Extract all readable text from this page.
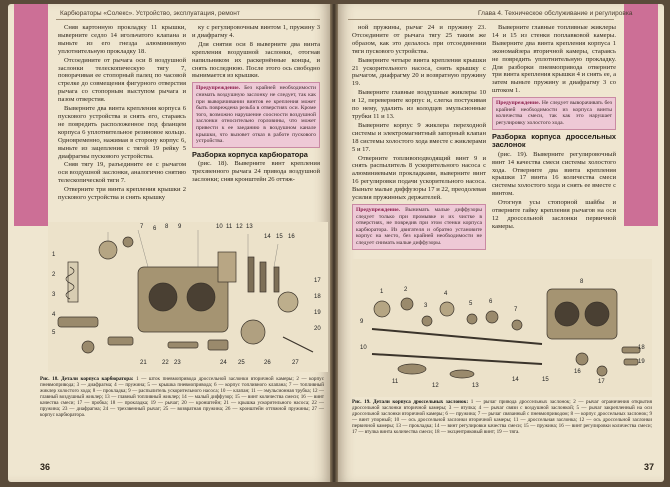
Карбюраторы «Солекс». Устройство, эксплуатация, ремонт

Сняв картонную прокладку 11 крышки, выверните седло 14 игольчатого клапана и выньте из его гнезда алюминиевую уплотнительную прокладку 18.

Отсоедините от рычага оси 8 воздушной заслонки телескопическую тягу 7, поворачивая ее стопорный палец по часовой стрелке до совмещения фигурного отверстия рычага со стопорным выступом рычага и пазом отверстия.

Выверните два винта крепления корпуса 6 пускового устройства и снять его, стараясь не повредить расположенное под фланцем корпуса 6 уплотнительное резиновое кольцо. Одновременно, нажимая в сторону корпус 6, выньте из зацепления с тягой 19 рейку 5 диафрагмы пускового устройства.

Сняв тягу 19, разъедините ее с рычагом оси воздушной заслонки, аналогично снятию телескопической тяги 7.

Отверните три винта крепления крышки 2 пускового устройства и снять крышку

ку с регулировочным винтом 1, пружину 3 и диафрагму 4.

Для снятия оси 8 выверните два винта крепления воздушной заслонки, отогнав напильником их раскернённые концы, и снять последнюю. После этого ось свободно вынимается из крышки.

Предупреждение. Без крайней необходимости снимать воздушную заслонку не следует, так как при выворачивании винтов ее крепления может быть повреждена резьба в отверстиях оси. Кроме того, возможно нарушение соосности воздушной заслонки относительно горловины, что может привести к ее заеданию в воздушном канале крышки, что вызовет отказ в работе пускового устройства.

Разборка корпуса карбюратора

(рис. 18). Выверните винт крепления трехзвенного рычага 24 привода воздушной заслонки; сняв кронштейн 26 оттяж-

6
7	8 9	10 11 12 13
14 15 16
1
2
3
4
5
17
18
19
20
21	22 23	24 25	26	27
Рис. 18. Детали корпуса карбюратора: 1 — шток пневмопривода дроссельной заслонки вторичной камеры; 2 — корпус пневмопривода; 3 — диафрагма; 4 — пружина; 5 — крышка пневмопривода; 6 — корпус топливного клапана; 7 — топливный жиклер холостого хода; 8 — прокладка; 9 — распылитель ускорительного насоса; 10 — клапан; 11 — эмульсионная трубка; 12 — главный воздушный жиклер; 13 — главный топливный жиклер; 14 — малый диффузор; 15 — винт количества смеси; 16 — винт качества смеси; 17 — пробка; 18 — прокладка; 19 — рычаг; 20 — кронштейн; 21 — крышка ускорительного насоса; 22 — пружина; 23 — диафрагма; 24 — трехзвенный рычаг; 25 — возвратная пружина; 26 — кронштейн оттяжной пружины; 27 — корпус карбюратора.
36
Глава 4. Техническое обслуживание и регулировка

ной пружины, рычаг 24 и пружину 23. Отсоедините от рычага тягу 25 таким же образом, как это делалось при отсоединении тяги пускового устройства.

Выверните четыре винта крепления крышки 21 ускорительного насоса, снять крышку с рычагом, диафрагму 20 и возвратную пружину 19.

Выверните главные воздушные жиклеры 10 и 12, переверните корпус и, слегка постукивая по нему, удалить из колодцев эмульсионные трубки 11 и 13.

Выверните корпус 9 жиклера переходной системы и электромагнитный запорный клапан 18 системы холостого хода вместе с жиклерами 5 и 17.

Отверните топливоподводящий винт 9 и снять распылитель 8 ускорительного насоса с алюминиевыми прокладками, выверните винт 16 регулировки подачи ускорительного насоса. Выньте малые диффузоры 17 и 22, преодолевая усилия пружинных держателей.

Предупреждение. Вынимать малые диффузоры следует только при промывке и их чистке в отверстиях, не повредив при этом стенки корпуса карбюратора. Из двигателя и обратно установите корпус на место, без крайней необходимости не следует снимать малые диффузоры.

Выверните главные топливные жиклеры 14 и 15 из стенки поплавковой камеры. Выверните два винта крепления корпуса 1 экономайзера вторичной камеры, стараясь не повредить уплотнительную прокладку. Для разборки пневмопривода отверните три винта крепления крышки 4 и снять ее, а затем выньте пружину и диафрагму 3 со штоком 1.

Предупреждение. Не следует выворачивать без крайней необходимости из корпуса винты количества смеси, так как это нарушает регулировку холостого хода.

Разборка корпуса дроссельных заслонок

(рис. 19). Выверните регулировочный винт 14 качества смеси системы холостого хода. Отверните два винта крепления крышки 17 винта 16 количества смеси системы холостого хода и снять ее вместе с винтом.

Отогнув усы стопорной шайбы и отверните гайку крепления рычагов на оси 12 дроссельной заслонки первичной камеры.

1	2
3
4
5	6
7
8
9
10
11
12	13
14	15
16
17
18
19
Рис. 19. Детали корпуса дроссельных заслонок: 1 — рычаг привода дроссельных заслонок; 2 — рычаг ограничения открытия дроссельной заслонки вторичной камеры; 3 — втулка; 4 — рычаг связи с воздушной заслонкой; 5 — рычаг закрепленный на оси дроссельной заслонки вторичной камеры; 6 — пружина; 7 — рычаг связанный с пневмоприводом; 8 — корпус дроссельных заслонок; 9 — винт упорный; 10 — ось дроссельной заслонки вторичной камеры; 11 — дроссельная заслонка; 12 — ось дроссельной заслонки первичной камеры; 13 — прокладка; 14 — винт регулировки качества смеси; 15 — пружина; 16 — винт регулировки количества смеси; 17 — втулка винта количества смеси; 18 — эксцентриковый винт; 19 — тяга.
37
